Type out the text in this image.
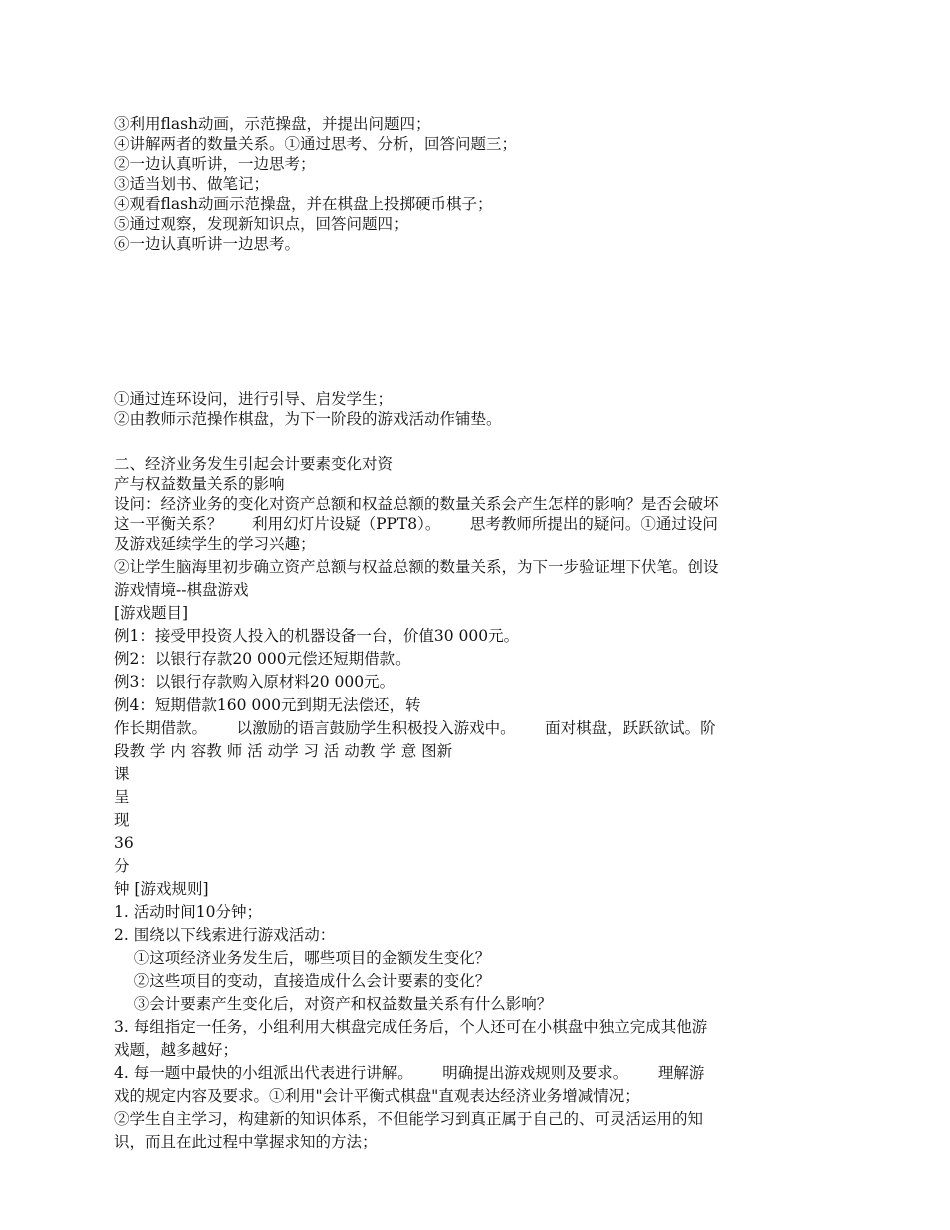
③利用flash动画，示范操盘，并提出问题四；
④讲解两者的数量关系。①通过思考、分析，回答问题三；
②一边认真听讲，一边思考；
③适当划书、做笔记；
④观看flash动画示范操盘，并在棋盘上投掷硬币棋子；
⑤通过观察，发现新知识点，回答问题四；
⑥一边认真听讲一边思考。
①通过连环设问，进行引导、启发学生；
②由教师示范操作棋盘，为下一阶段的游戏活动作铺垫。
二、经济业务发生引起会计要素变化对资
产与权益数量关系的影响
设问：经济业务的变化对资产总额和权益总额的数量关系会产生怎样的影响？是否会破坏
这一平衡关系？      利用幻灯片设疑（PPT8）。      思考教师所提出的疑问。①通过设问
及游戏延续学生的学习兴趣；
②让学生脑海里初步确立资产总额与权益总额的数量关系，为下一步验证埋下伏笔。创设
游戏情境--棋盘游戏
[游戏题目]
例1：接受甲投资人投入的机器设备一台，价值30 000元。
例2：以银行存款20 000元偿还短期借款。
例3：以银行存款购入原材料20 000元。
例4：短期借款160 000元到期无法偿还，转
作长期借款。      以激励的语言鼓励学生积极投入游戏中。      面对棋盘，跃跃欲试。阶
段教 学 内 容教 师 活 动学 习 活 动教 学 意 图新
课
呈
现
36
分
钟 [游戏规则]
1. 活动时间10分钟；
2. 围绕以下线索进行游戏活动：
①这项经济业务发生后，哪些项目的金额发生变化？
②这些项目的变动，直接造成什么会计要素的变化？
③会计要素产生变化后，对资产和权益数量关系有什么影响？
3. 每组指定一任务，小组利用大棋盘完成任务后，个人还可在小棋盘中独立完成其他游
戏题，越多越好；
4. 每一题中最快的小组派出代表进行讲解。      明确提出游戏规则及要求。      理解游
戏的规定内容及要求。①利用"会计平衡式棋盘"直观表达经济业务增减情况；
②学生自主学习，构建新的知识体系，不但能学习到真正属于自己的、可灵活运用的知
识，而且在此过程中掌握求知的方法；
